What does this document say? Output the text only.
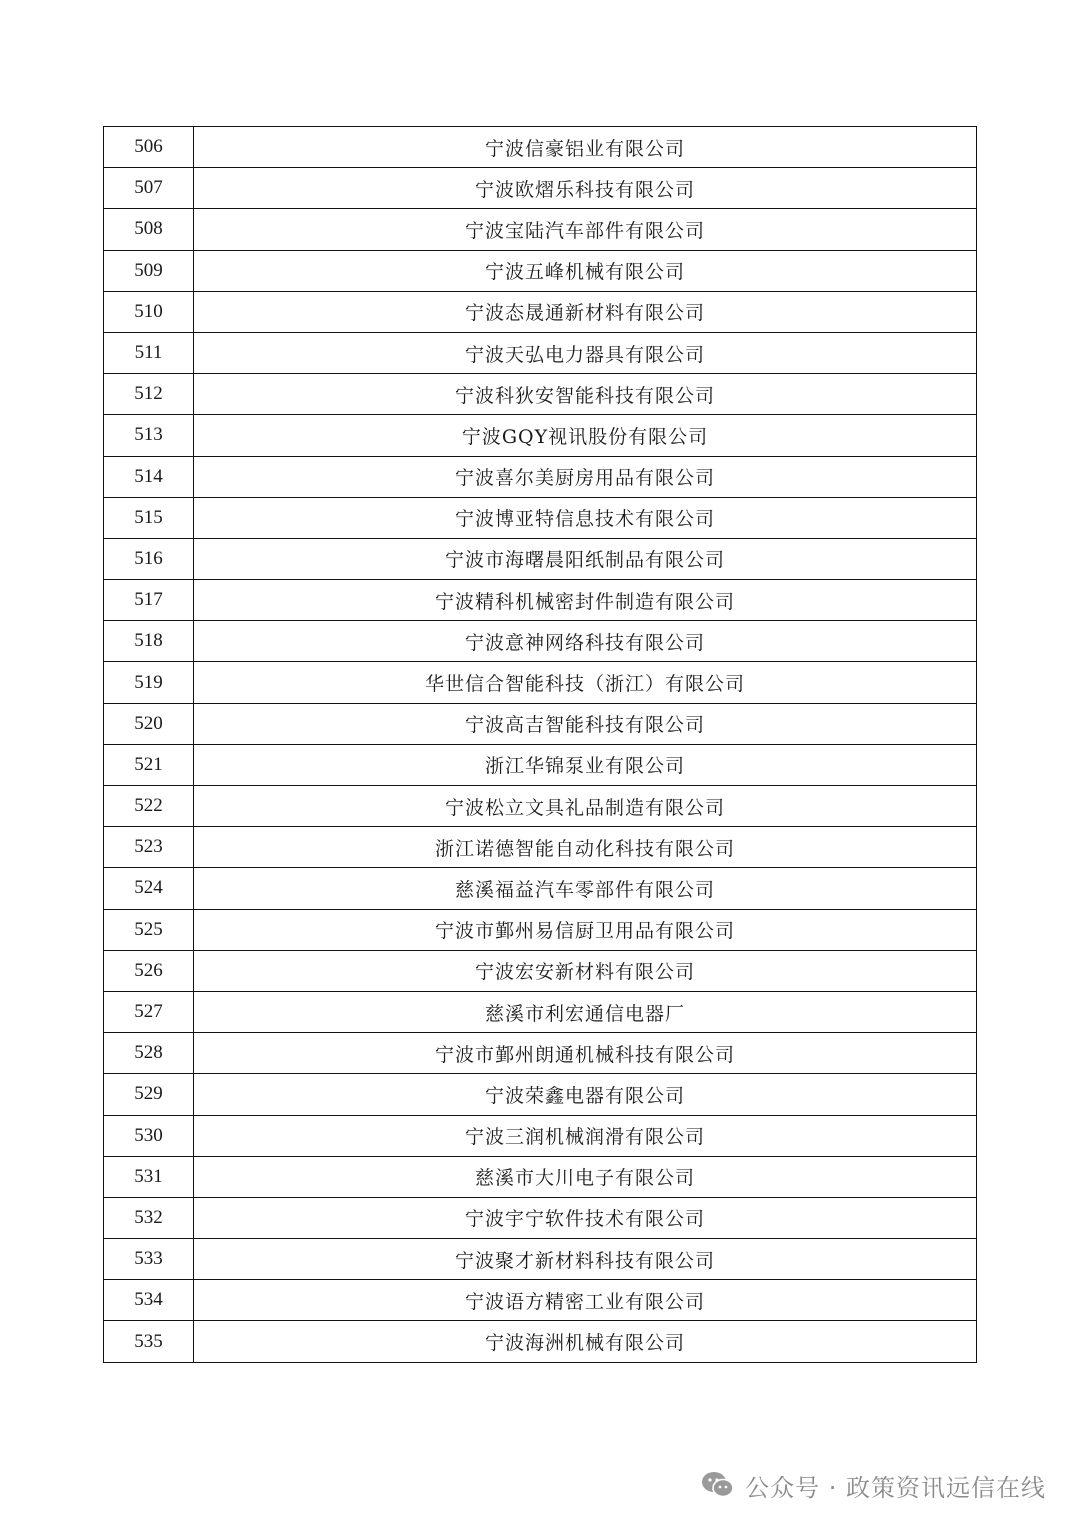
506	宁波信豪铝业有限公司
507	宁波欧熠乐科技有限公司
508	宁波宝陆汽车部件有限公司
509	宁波五峰机械有限公司
510	宁波态晟通新材料有限公司
511	宁波天弘电力器具有限公司
512	宁波科狄安智能科技有限公司
513	宁波GQY视讯股份有限公司
514	宁波喜尔美厨房用品有限公司
515	宁波博亚特信息技术有限公司
516	宁波市海曙晨阳纸制品有限公司
517	宁波精科机械密封件制造有限公司
518	宁波意神网络科技有限公司
519	华世信合智能科技（浙江）有限公司
520	宁波高吉智能科技有限公司
521	浙江华锦泵业有限公司
522	宁波松立文具礼品制造有限公司
523	浙江诺德智能自动化科技有限公司
524	慈溪福益汽车零部件有限公司
525	宁波市鄞州易信厨卫用品有限公司
526	宁波宏安新材料有限公司
527	慈溪市利宏通信电器厂
528	宁波市鄞州朗通机械科技有限公司
529	宁波荣鑫电器有限公司
530	宁波三润机械润滑有限公司
531	慈溪市大川电子有限公司
532	宁波宇宁软件技术有限公司
533	宁波聚才新材料科技有限公司
534	宁波语方精密工业有限公司
535	宁波海洲机械有限公司
公众号 · 政策资讯远信在线
